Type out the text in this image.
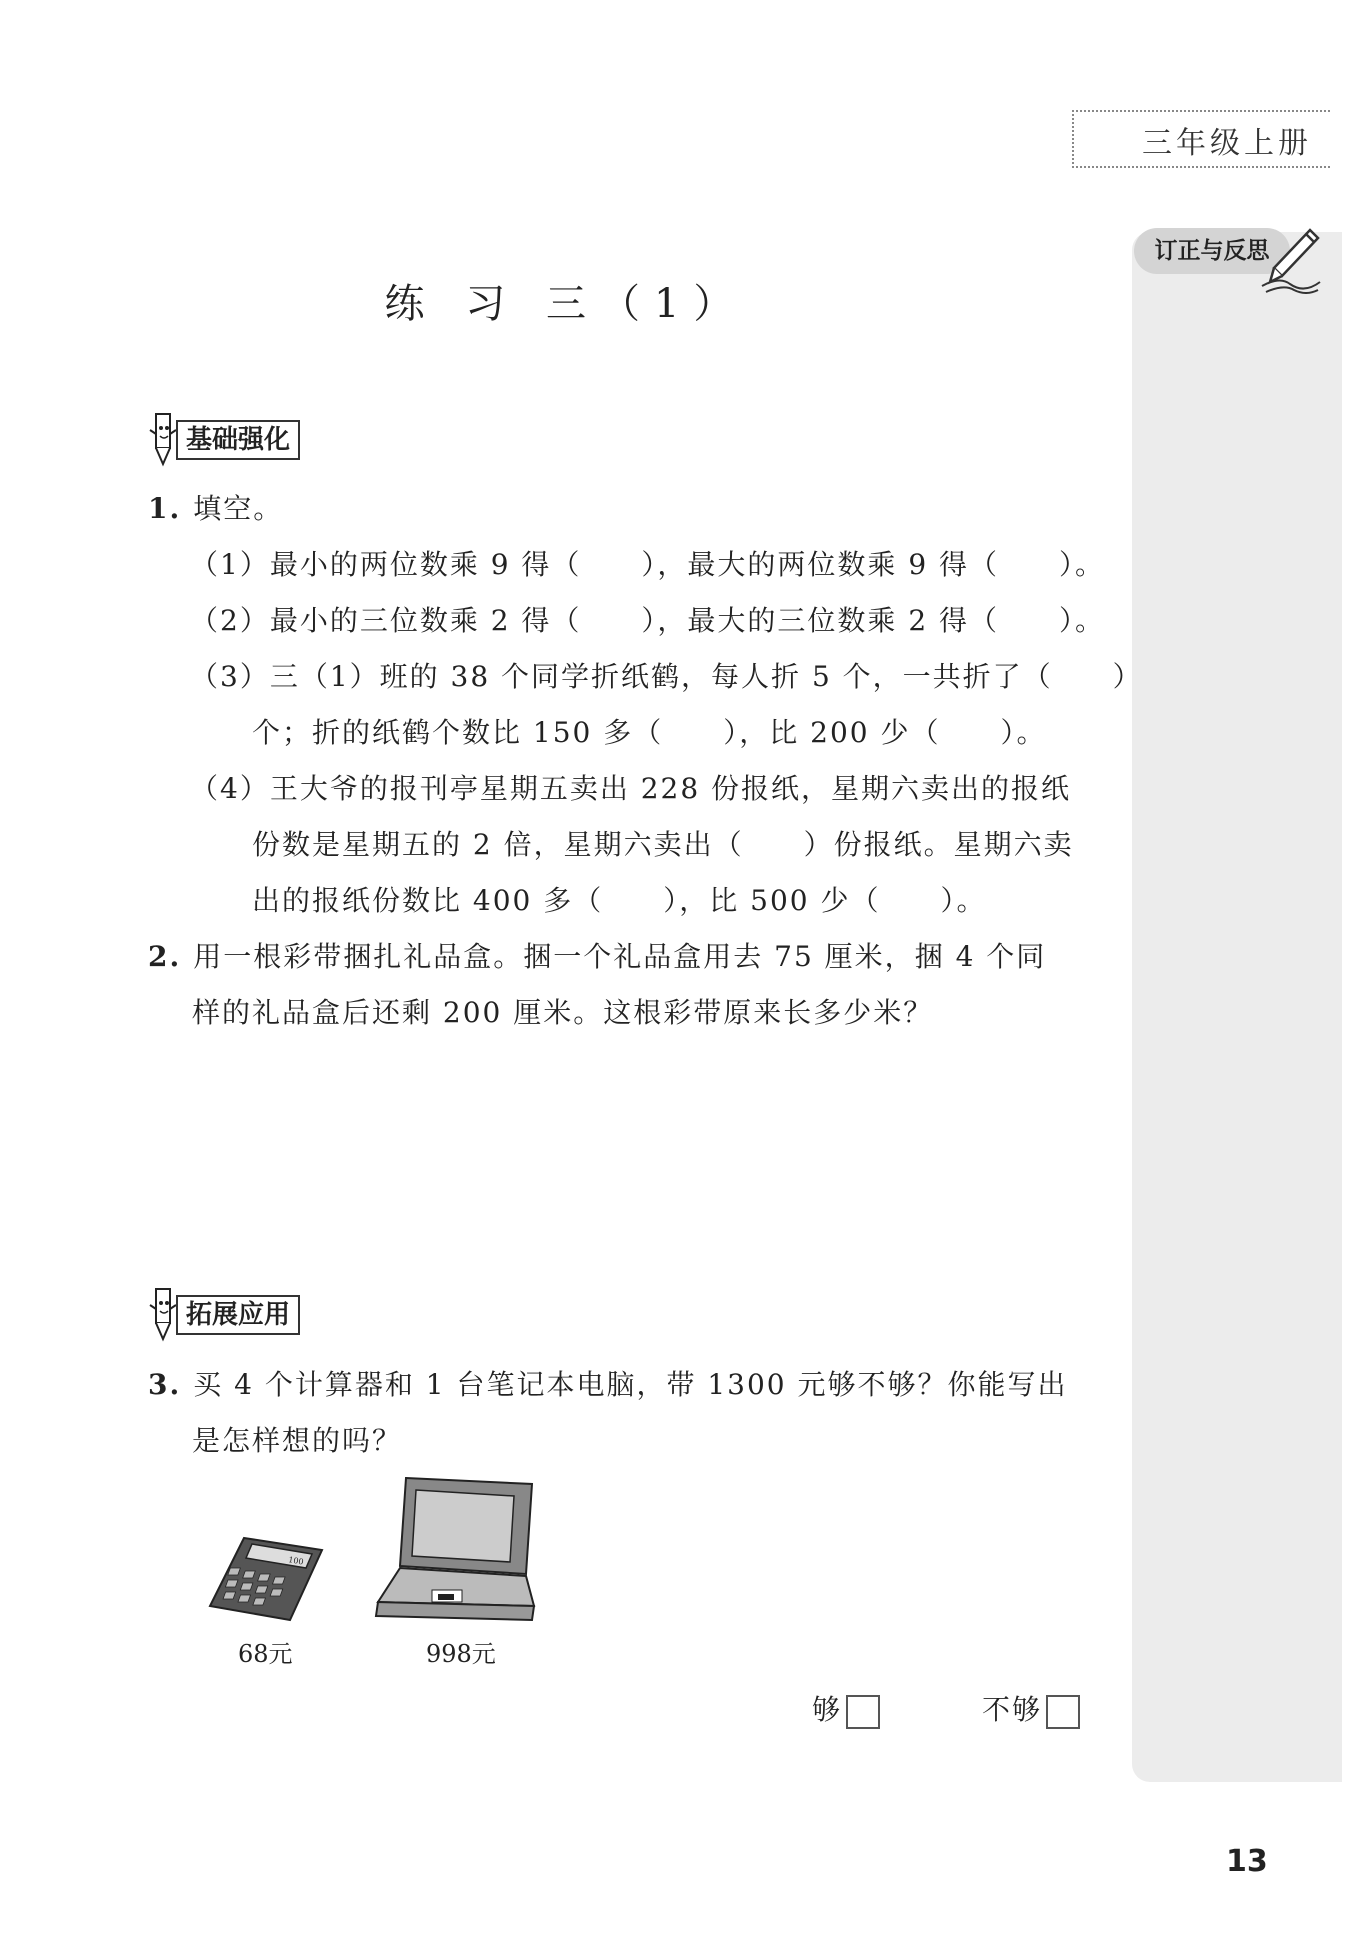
三年级上册
订正与反思
练 习 三（1）
基础强化
1. 填空。
（1）最小的两位数乘 9 得（　　），最大的两位数乘 9 得（　　）。
（2）最小的三位数乘 2 得（　　），最大的三位数乘 2 得（　　）。
（3）三（1）班的 38 个同学折纸鹤，每人折 5 个，一共折了（　　）
个；折的纸鹤个数比 150 多（　　），比 200 少（　　）。
（4）王大爷的报刊亭星期五卖出 228 份报纸，星期六卖出的报纸
份数是星期五的 2 倍，星期六卖出（　　）份报纸。星期六卖
出的报纸份数比 400 多（　　），比 500 少（　　）。
2. 用一根彩带捆扎礼品盒。捆一个礼品盒用去 75 厘米，捆 4 个同
样的礼品盒后还剩 200 厘米。这根彩带原来长多少米？
拓展应用
3. 买 4 个计算器和 1 台笔记本电脑，带 1300 元够不够？你能写出
是怎样想的吗？
100
68元	998元
够	不够
13
